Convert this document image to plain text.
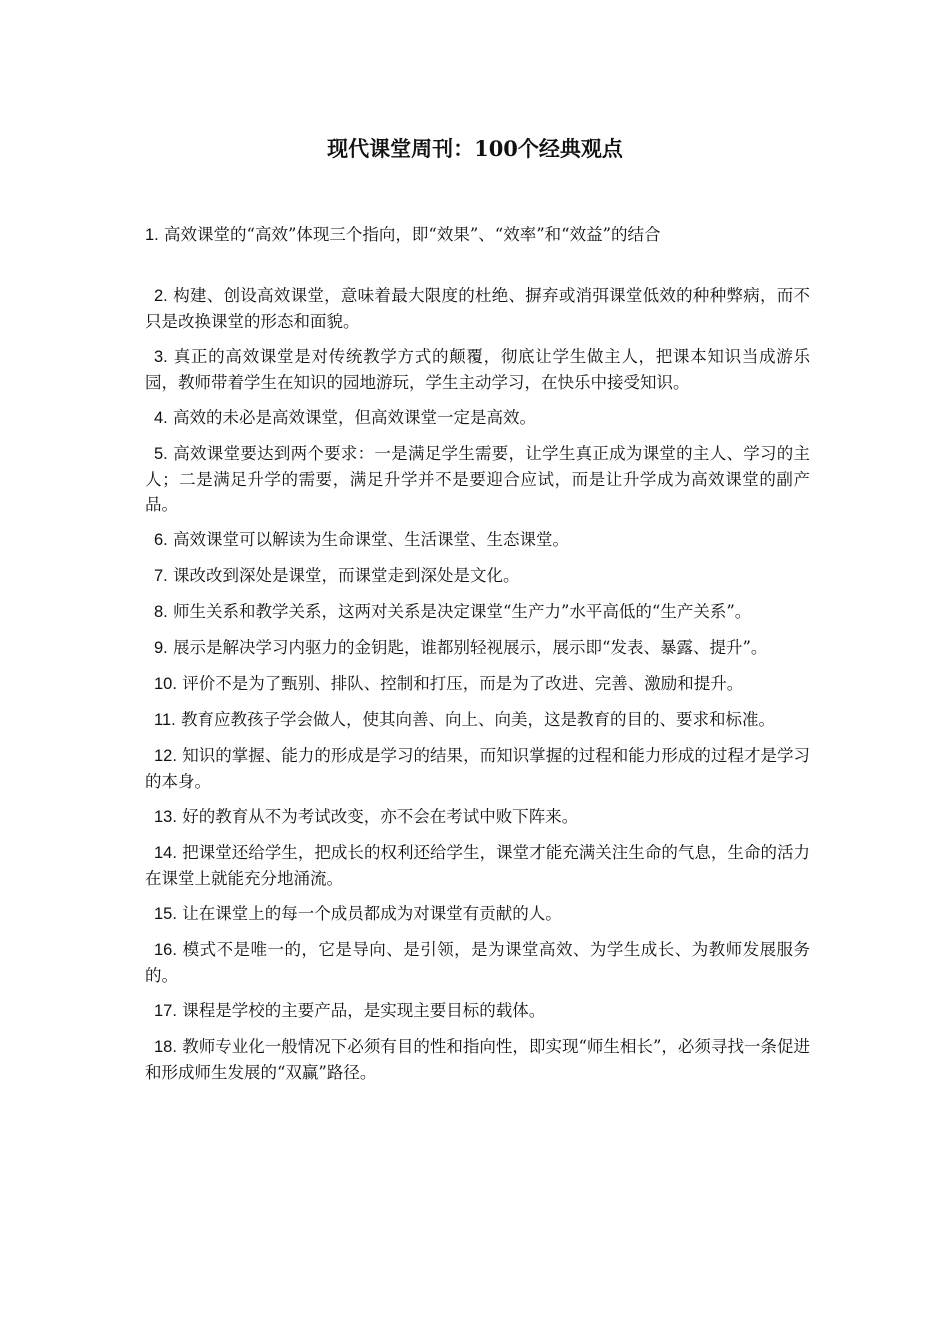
现代课堂周刊：100个经典观点
1. 高效课堂的“高效”体现三个指向，即“效果”、“效率”和“效益”的结合
2. 构建、创设高效课堂，意味着最大限度的杜绝、摒弃或消弭课堂低效的种种弊病，而不只是改换课堂的形态和面貌。
3. 真正的高效课堂是对传统教学方式的颠覆，彻底让学生做主人，把课本知识当成游乐园，教师带着学生在知识的园地游玩，学生主动学习，在快乐中接受知识。
4. 高效的未必是高效课堂，但高效课堂一定是高效。
5. 高效课堂要达到两个要求：一是满足学生需要，让学生真正成为课堂的主人、学习的主人；二是满足升学的需要，满足升学并不是要迎合应试，而是让升学成为高效课堂的副产品。
6. 高效课堂可以解读为生命课堂、生活课堂、生态课堂。
7. 课改改到深处是课堂，而课堂走到深处是文化。
8. 师生关系和教学关系，这两对关系是决定课堂“生产力”水平高低的“生产关系”。
9. 展示是解决学习内驱力的金钥匙，谁都别轻视展示，展示即“发表、暴露、提升”。
10. 评价不是为了甄别、排队、控制和打压，而是为了改进、完善、激励和提升。
11. 教育应教孩子学会做人，使其向善、向上、向美，这是教育的目的、要求和标准。
12. 知识的掌握、能力的形成是学习的结果，而知识掌握的过程和能力形成的过程才是学习的本身。
13. 好的教育从不为考试改变，亦不会在考试中败下阵来。
14. 把课堂还给学生，把成长的权利还给学生，课堂才能充满关注生命的气息，生命的活力在课堂上就能充分地涌流。
15. 让在课堂上的每一个成员都成为对课堂有贡献的人。
16. 模式不是唯一的，它是导向、是引领，是为课堂高效、为学生成长、为教师发展服务的。
17. 课程是学校的主要产品，是实现主要目标的载体。
18. 教师专业化一般情况下必须有目的性和指向性，即实现“师生相长”，必须寻找一条促进和形成师生发展的“双赢”路径。
